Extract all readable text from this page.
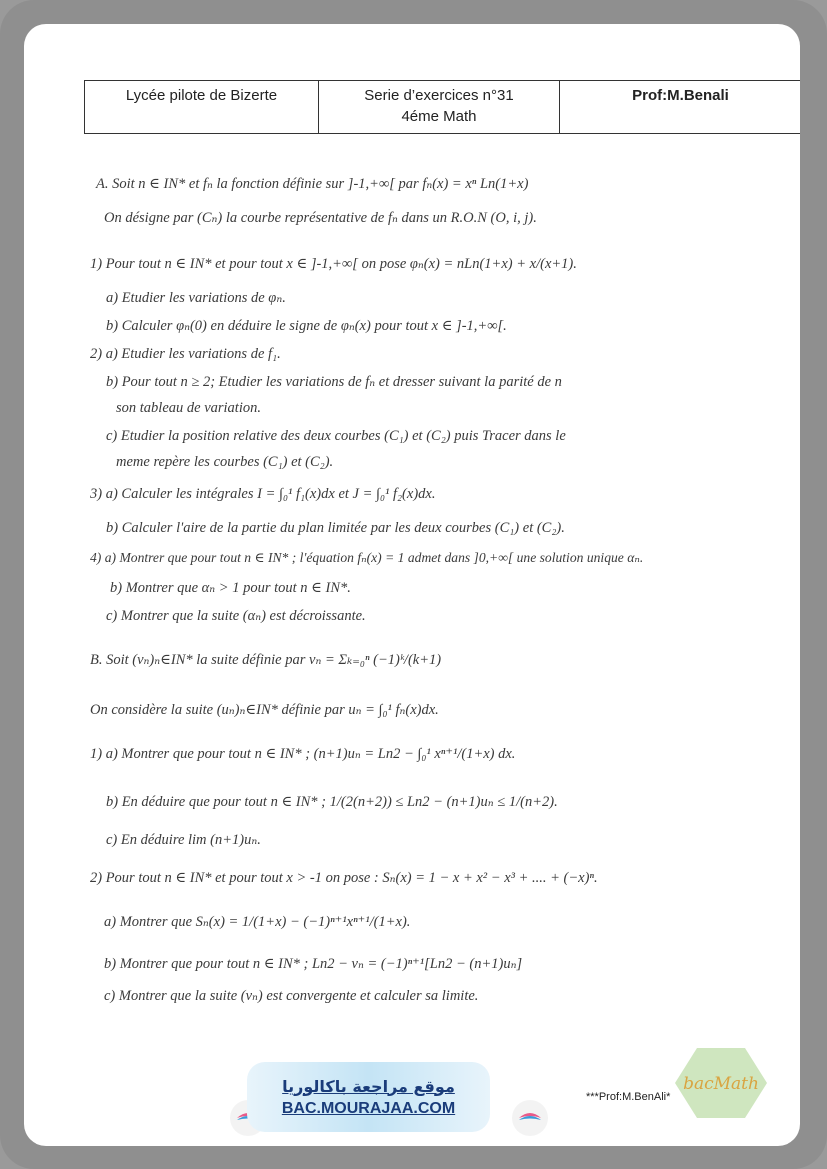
Lycée pilote de Bizerte	Serie d’exercices n°31
4éme Math
Prof:M.Benali
A. Soit n ∈ IN* et fₙ la fonction définie sur ]-1,+∞[ par fₙ(x) = xⁿ Ln(1+x)
On désigne par (Cₙ) la courbe représentative de fₙ dans un R.O.N (O, i, j).
1) Pour tout n ∈ IN* et pour tout x ∈ ]-1,+∞[ on pose φₙ(x) = nLn(1+x) + x/(x+1).
a) Etudier les variations de φₙ.
b) Calculer φₙ(0) en déduire le signe de φₙ(x) pour tout x ∈ ]-1,+∞[.
2) a) Etudier les variations de f₁.
b) Pour tout n ≥ 2; Etudier les variations de fₙ et dresser suivant la parité de n
son tableau de variation.
c) Etudier la position relative des deux courbes (C₁) et (C₂) puis Tracer dans le
meme repère les courbes (C₁) et (C₂).
3) a) Calculer les intégrales I = ∫₀¹ f₁(x)dx et J = ∫₀¹ f₂(x)dx.
b) Calculer l'aire de la partie du plan limitée par les deux courbes (C₁) et (C₂).
4) a) Montrer que pour tout n ∈ IN* ; l'équation fₙ(x) = 1 admet dans ]0,+∞[ une solution unique αₙ.
b) Montrer que αₙ > 1 pour tout n ∈ IN*.
c) Montrer que la suite (αₙ) est décroissante.
B. Soit (vₙ)ₙ∈IN* la suite définie par vₙ = Σₖ₌₀ⁿ (−1)ᵏ/(k+1)
On considère la suite (uₙ)ₙ∈IN* définie par uₙ = ∫₀¹ fₙ(x)dx.
1) a) Montrer que pour tout n ∈ IN* ; (n+1)uₙ = Ln2 − ∫₀¹ xⁿ⁺¹/(1+x) dx.
b) En déduire que pour tout n ∈ IN* ; 1/(2(n+2)) ≤ Ln2 − (n+1)uₙ ≤ 1/(n+2).
c) En déduire lim (n+1)uₙ.
2) Pour tout n ∈ IN* et pour tout x > -1 on pose : Sₙ(x) = 1 − x + x² − x³ + .... + (−x)ⁿ.
a) Montrer que Sₙ(x) = 1/(1+x) − (−1)ⁿ⁺¹xⁿ⁺¹/(1+x).
b) Montrer que pour tout n ∈ IN* ; Ln2 − vₙ = (−1)ⁿ⁺¹[Ln2 − (n+1)uₙ]
c) Montrer que la suite (vₙ) est convergente et calculer sa limite.
***Prof:M.BenAli*
موقع مراجعة باكالوريا
BAC.MOURAJAA.COM
bacMath
